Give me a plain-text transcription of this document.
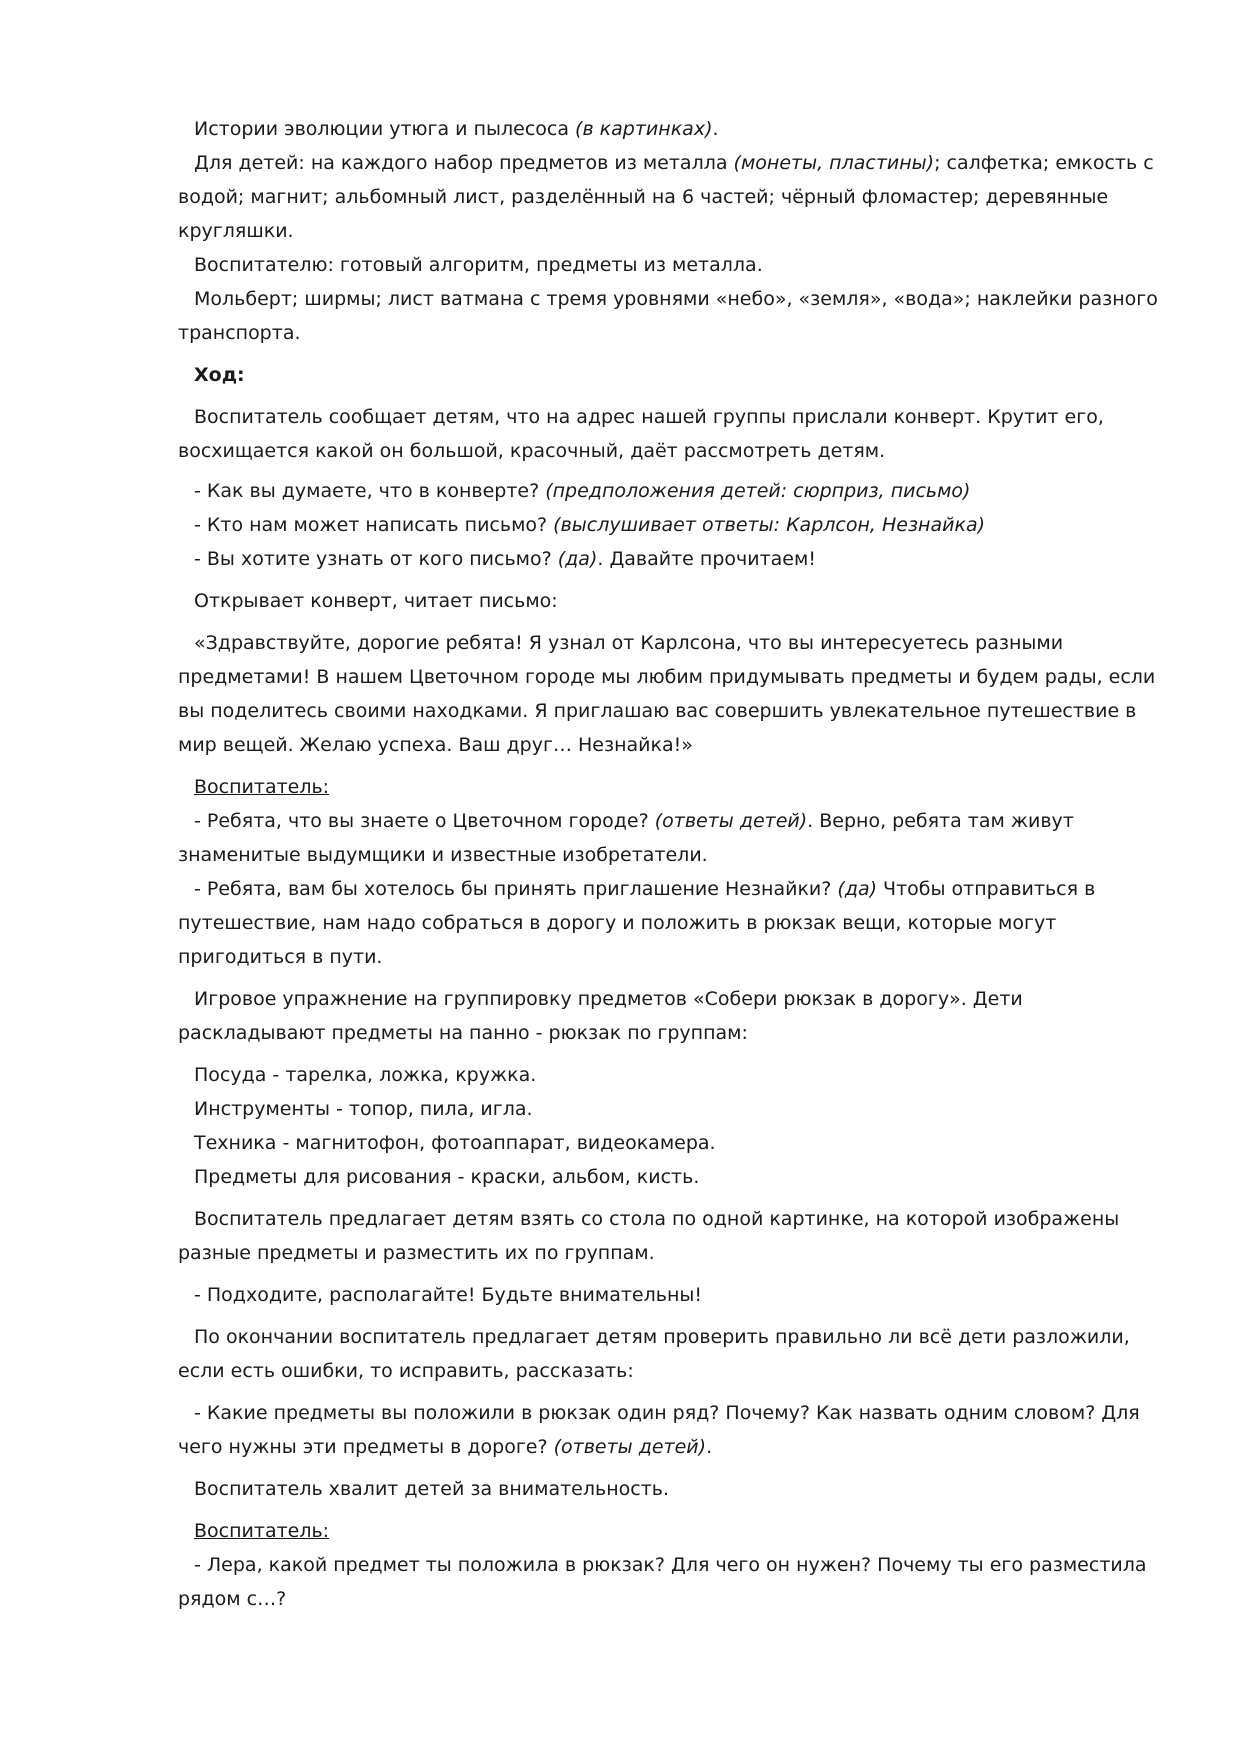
Истории эволюции утюга и пылесоса (в картинках).

Для детей: на каждого набор предметов из металла (монеты, пластины); салфетка; емкость с водой; магнит; альбомный лист, разделённый на 6 частей; чёрный фломастер; деревянные кругляшки.

Воспитателю: готовый алгоритм, предметы из металла.

Мольберт; ширмы; лист ватмана с тремя уровнями «небо», «земля», «вода»; наклейки разного транспорта.

Ход:

Воспитатель сообщает детям, что на адрес нашей группы прислали конверт. Крутит его, восхищается какой он большой, красочный, даёт рассмотреть детям.

- Как вы думаете, что в конверте? (предположения детей: сюрприз, письмо)

- Кто нам может написать письмо? (выслушивает ответы: Карлсон, Незнайка)

- Вы хотите узнать от кого письмо? (да). Давайте прочитаем!

Открывает конверт, читает письмо:

«Здравствуйте, дорогие ребята! Я узнал от Карлсона, что вы интересуетесь разными предметами! В нашем Цветочном городе мы любим придумывать предметы и будем рады, если вы поделитесь своими находками. Я приглашаю вас совершить увлекательное путешествие в мир вещей. Желаю успеха. Ваш друг… Незнайка!»

Воспитатель:

- Ребята, что вы знаете о Цветочном городе? (ответы детей). Верно, ребята там живут знаменитые выдумщики и известные изобретатели.

- Ребята, вам бы хотелось бы принять приглашение Незнайки? (да) Чтобы отправиться в путешествие, нам надо собраться в дорогу и положить в рюкзак вещи, которые могут пригодиться в пути.

Игровое упражнение на группировку предметов «Собери рюкзак в дорогу». Дети раскладывают предметы на панно - рюкзак по группам:

Посуда - тарелка, ложка, кружка.

Инструменты - топор, пила, игла.

Техника - магнитофон, фотоаппарат, видеокамера.

Предметы для рисования - краски, альбом, кисть.

Воспитатель предлагает детям взять со стола по одной картинке, на которой изображены разные предметы и разместить их по группам.

- Подходите, располагайте! Будьте внимательны!

По окончании воспитатель предлагает детям проверить правильно ли всё дети разложили, если есть ошибки, то исправить, рассказать:

- Какие предметы вы положили в рюкзак один ряд? Почему? Как назвать одним словом? Для чего нужны эти предметы в дороге? (ответы детей).

Воспитатель хвалит детей за внимательность.

Воспитатель:

- Лера, какой предмет ты положила в рюкзак? Для чего он нужен? Почему ты его разместила рядом с…?
